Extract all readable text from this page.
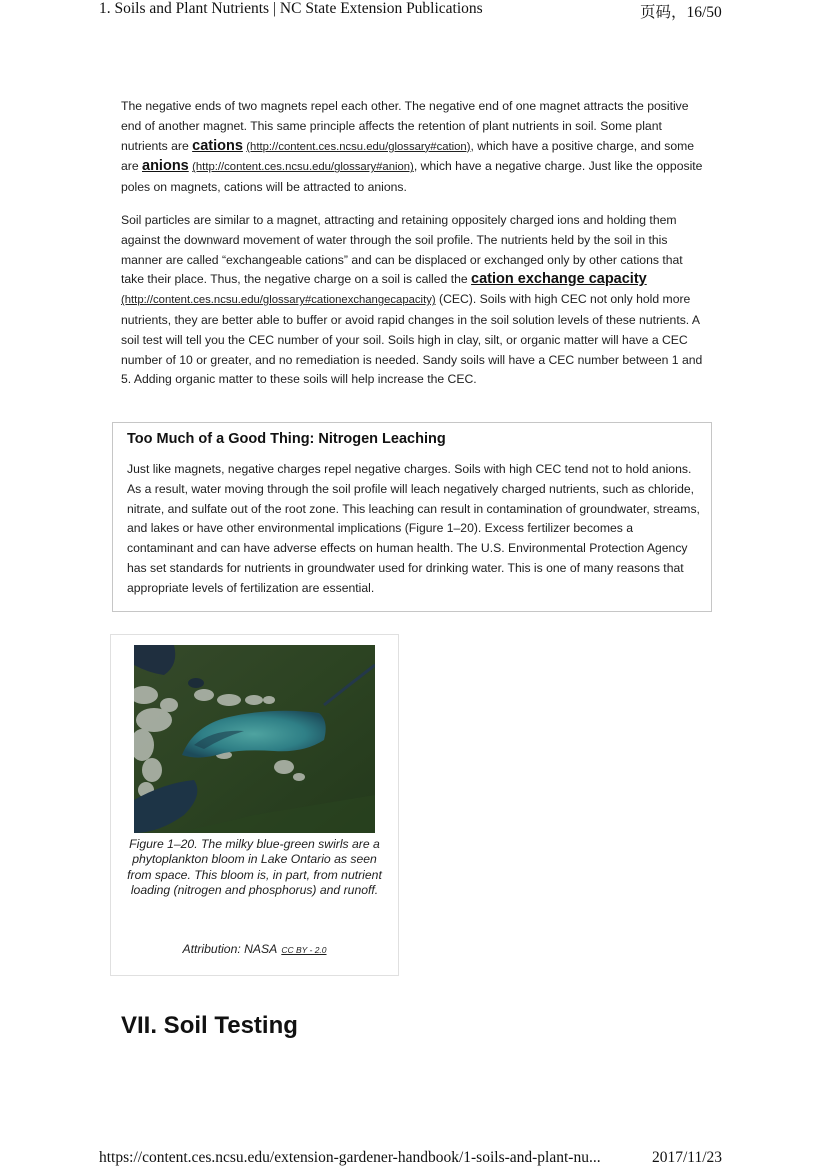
1. Soils and Plant Nutrients | NC State Extension Publications	页码，16/50
The negative ends of two magnets repel each other. The negative end of one magnet attracts the positive end of another magnet. This same principle affects the retention of plant nutrients in soil. Some plant nutrients are cations (http://content.ces.ncsu.edu/glossary#cation), which have a positive charge, and some are anions (http://content.ces.ncsu.edu/glossary#anion), which have a negative charge. Just like the opposite poles on magnets, cations will be attracted to anions.
Soil particles are similar to a magnet, attracting and retaining oppositely charged ions and holding them against the downward movement of water through the soil profile. The nutrients held by the soil in this manner are called “exchangeable cations” and can be displaced or exchanged only by other cations that take their place. Thus, the negative charge on a soil is called the cation exchange capacity (http://content.ces.ncsu.edu/glossary#cationexchangecapacity) (CEC). Soils with high CEC not only hold more nutrients, they are better able to buffer or avoid rapid changes in the soil solution levels of these nutrients. A soil test will tell you the CEC number of your soil. Soils high in clay, silt, or organic matter will have a CEC number of 10 or greater, and no remediation is needed. Sandy soils will have a CEC number between 1 and 5. Adding organic matter to these soils will help increase the CEC.
Too Much of a Good Thing: Nitrogen Leaching
Just like magnets, negative charges repel negative charges. Soils with high CEC tend not to hold anions. As a result, water moving through the soil profile will leach negatively charged nutrients, such as chloride, nitrate, and sulfate out of the root zone. This leaching can result in contamination of groundwater, streams, and lakes or have other environmental implications (Figure 1–20). Excess fertilizer becomes a contaminant and can have adverse effects on human health. The U.S. Environmental Protection Agency has set standards for nutrients in groundwater used for drinking water. This is one of many reasons that appropriate levels of fertilization are essential.
Figure 1–20. The milky blue-green swirls are a phytoplankton bloom in Lake Ontario as seen from space. This bloom is, in part, from nutrient loading (nitrogen and phosphorus) and runoff.
Attribution: NASA CC BY - 2.0
VII. Soil Testing
https://content.ces.ncsu.edu/extension-gardener-handbook/1-soils-and-plant-nu...	2017/11/23
